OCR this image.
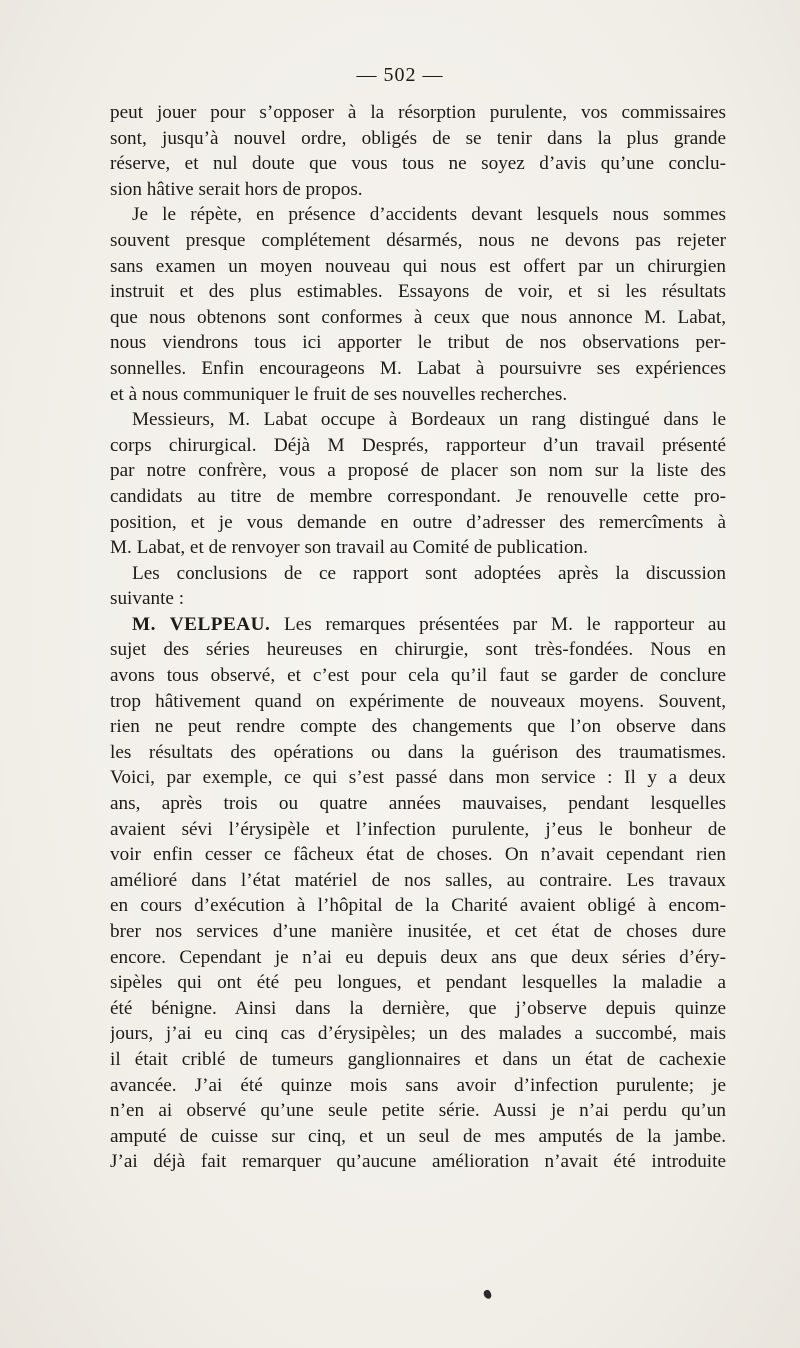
— 502 —
peut jouer pour s’opposer à la résorption purulente, vos commissaires
sont, jusqu’à nouvel ordre, obligés de se tenir dans la plus grande
réserve, et nul doute que vous tous ne soyez d’avis qu’une conclu-
sion hâtive serait hors de propos.
Je le répète, en présence d’accidents devant lesquels nous sommes
souvent presque complétement désarmés, nous ne devons pas rejeter
sans examen un moyen nouveau qui nous est offert par un chirurgien
instruit et des plus estimables. Essayons de voir, et si les résultats
que nous obtenons sont conformes à ceux que nous annonce M. Labat,
nous viendrons tous ici apporter le tribut de nos observations per-
sonnelles. Enfin encourageons M. Labat à poursuivre ses expériences
et à nous communiquer le fruit de ses nouvelles recherches.
Messieurs, M. Labat occupe à Bordeaux un rang distingué dans le
corps chirurgical. Déjà M Després, rapporteur d’un travail présenté
par notre confrère, vous a proposé de placer son nom sur la liste des
candidats au titre de membre correspondant. Je renouvelle cette pro-
position, et je vous demande en outre d’adresser des remercîments à
M. Labat, et de renvoyer son travail au Comité de publication.
Les conclusions de ce rapport sont adoptées après la discussion
suivante :
M. VELPEAU. Les remarques présentées par M. le rapporteur au
sujet des séries heureuses en chirurgie, sont très-fondées. Nous en
avons tous observé, et c’est pour cela qu’il faut se garder de conclure
trop hâtivement quand on expérimente de nouveaux moyens. Souvent,
rien ne peut rendre compte des changements que l’on observe dans
les résultats des opérations ou dans la guérison des traumatismes.
Voici, par exemple, ce qui s’est passé dans mon service : Il y a deux
ans, après trois ou quatre années mauvaises, pendant lesquelles
avaient sévi l’érysipèle et l’infection purulente, j’eus le bonheur de
voir enfin cesser ce fâcheux état de choses. On n’avait cependant rien
amélioré dans l’état matériel de nos salles, au contraire. Les travaux
en cours d’exécution à l’hôpital de la Charité avaient obligé à encom-
brer nos services d’une manière inusitée, et cet état de choses dure
encore. Cependant je n’ai eu depuis deux ans que deux séries d’éry-
sipèles qui ont été peu longues, et pendant lesquelles la maladie a
été bénigne. Ainsi dans la dernière, que j’observe depuis quinze
jours, j’ai eu cinq cas d’érysipèles; un des malades a succombé, mais
il était criblé de tumeurs ganglionnaires et dans un état de cachexie
avancée. J’ai été quinze mois sans avoir d’infection purulente; je
n’en ai observé qu’une seule petite série. Aussi je n’ai perdu qu’un
amputé de cuisse sur cinq, et un seul de mes amputés de la jambe.
J’ai déjà fait remarquer qu’aucune amélioration n’avait été introduite
